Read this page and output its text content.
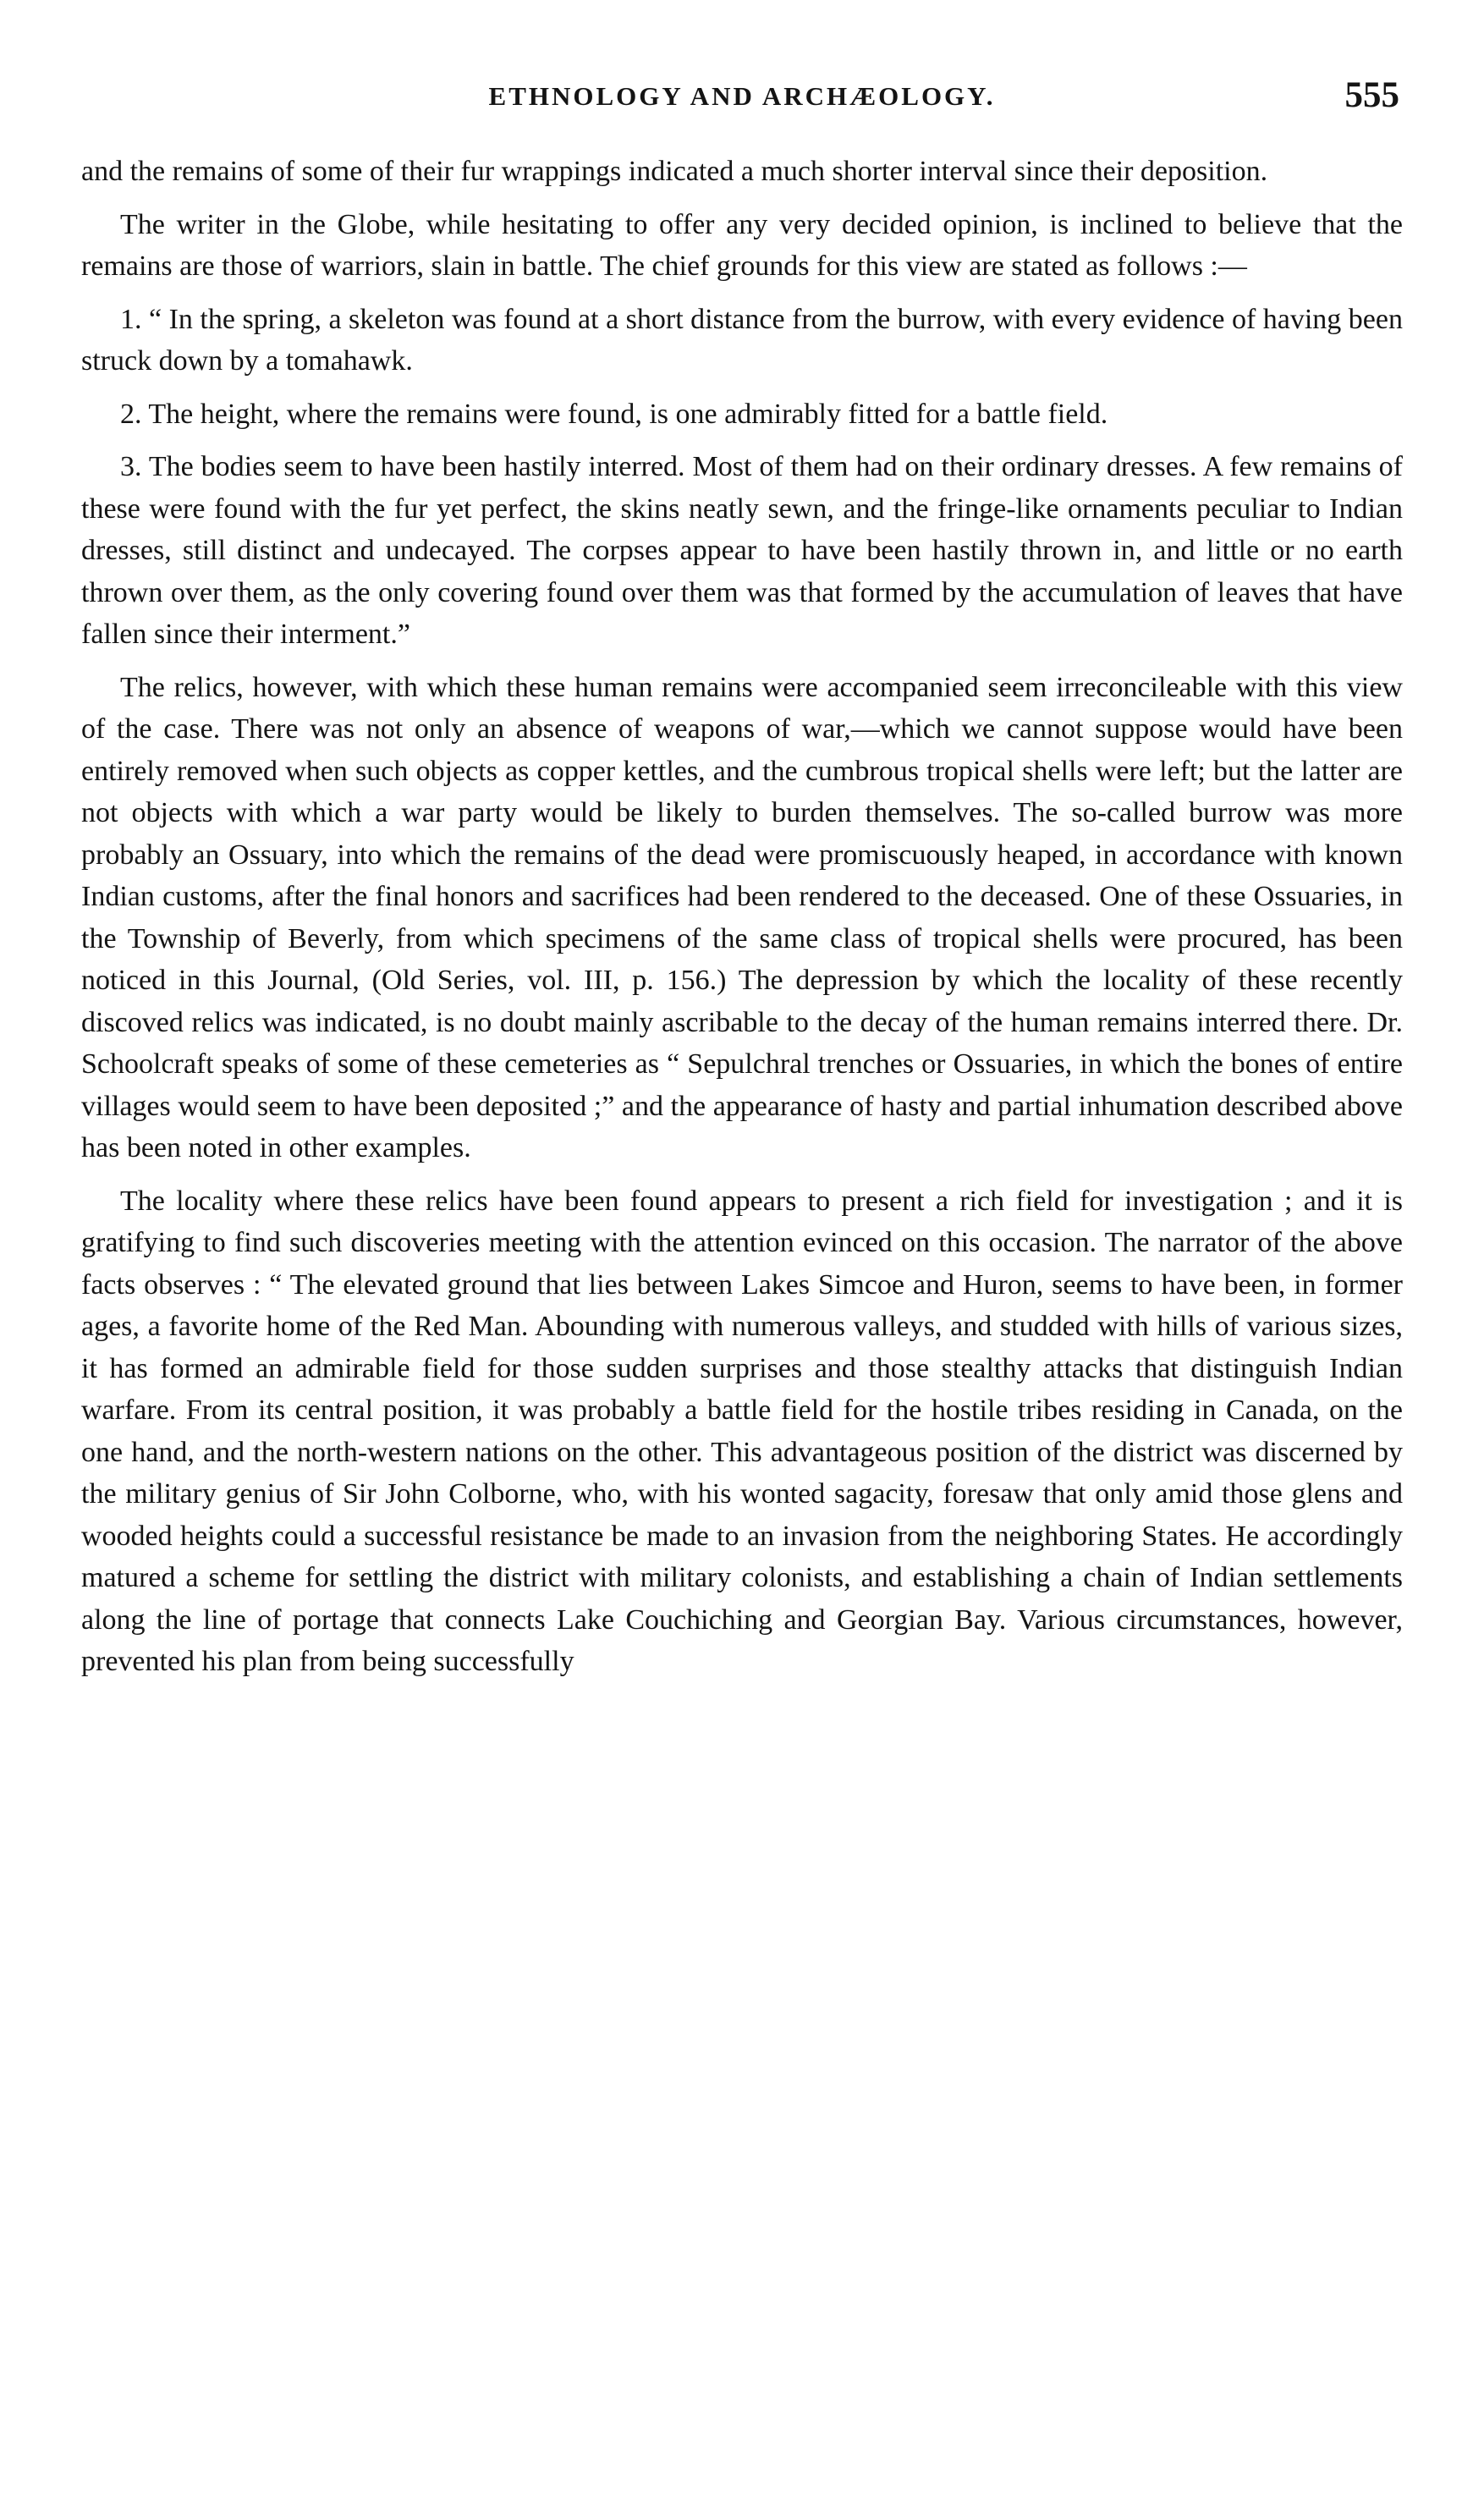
ETHNOLOGY AND ARCHÆOLOGY.	555

and the remains of some of their fur wrappings indicated a much shorter interval since their deposition.

The writer in the Globe, while hesitating to offer any very decided opinion, is inclined to believe that the remains are those of warriors, slain in battle. The chief grounds for this view are stated as follows :—

1. “ In the spring, a skeleton was found at a short distance from the burrow, with every evidence of having been struck down by a tomahawk.

2. The height, where the remains were found, is one admirably fitted for a battle field.

3. The bodies seem to have been hastily interred. Most of them had on their ordinary dresses. A few remains of these were found with the fur yet perfect, the skins neatly sewn, and the fringe-like ornaments peculiar to Indian dresses, still distinct and undecayed. The corpses appear to have been hastily thrown in, and little or no earth thrown over them, as the only covering found over them was that formed by the accumulation of leaves that have fallen since their interment.”

The relics, however, with which these human remains were accompanied seem irreconcileable with this view of the case. There was not only an absence of weapons of war,—which we cannot suppose would have been entirely removed when such objects as copper kettles, and the cumbrous tropical shells were left; but the latter are not objects with which a war party would be likely to burden themselves. The so-called burrow was more probably an Ossuary, into which the remains of the dead were promiscuously heaped, in accordance with known Indian customs, after the final honors and sacrifices had been rendered to the deceased. One of these Ossuaries, in the Township of Beverly, from which specimens of the same class of tropical shells were procured, has been noticed in this Journal, (Old Series, vol. III, p. 156.) The depression by which the locality of these recently discoved relics was indicated, is no doubt mainly ascribable to the decay of the human remains interred there. Dr. Schoolcraft speaks of some of these cemeteries as “ Sepulchral trenches or Ossuaries, in which the bones of entire villages would seem to have been deposited ;” and the appearance of hasty and partial inhumation described above has been noted in other examples.

The locality where these relics have been found appears to present a rich field for investigation ; and it is gratifying to find such discoveries meeting with the attention evinced on this occasion. The narrator of the above facts observes : “ The elevated ground that lies between Lakes Simcoe and Huron, seems to have been, in former ages, a favorite home of the Red Man. Abounding with numerous valleys, and studded with hills of various sizes, it has formed an admirable field for those sudden surprises and those stealthy attacks that distinguish Indian warfare. From its central position, it was probably a battle field for the hostile tribes residing in Canada, on the one hand, and the north-western nations on the other. This advantageous position of the district was discerned by the military genius of Sir John Colborne, who, with his wonted sagacity, foresaw that only amid those glens and wooded heights could a successful resistance be made to an invasion from the neighboring States. He accordingly matured a scheme for settling the district with military colonists, and establishing a chain of Indian settlements along the line of portage that connects Lake Couchiching and Georgian Bay. Various circumstances, however, prevented his plan from being successfully
